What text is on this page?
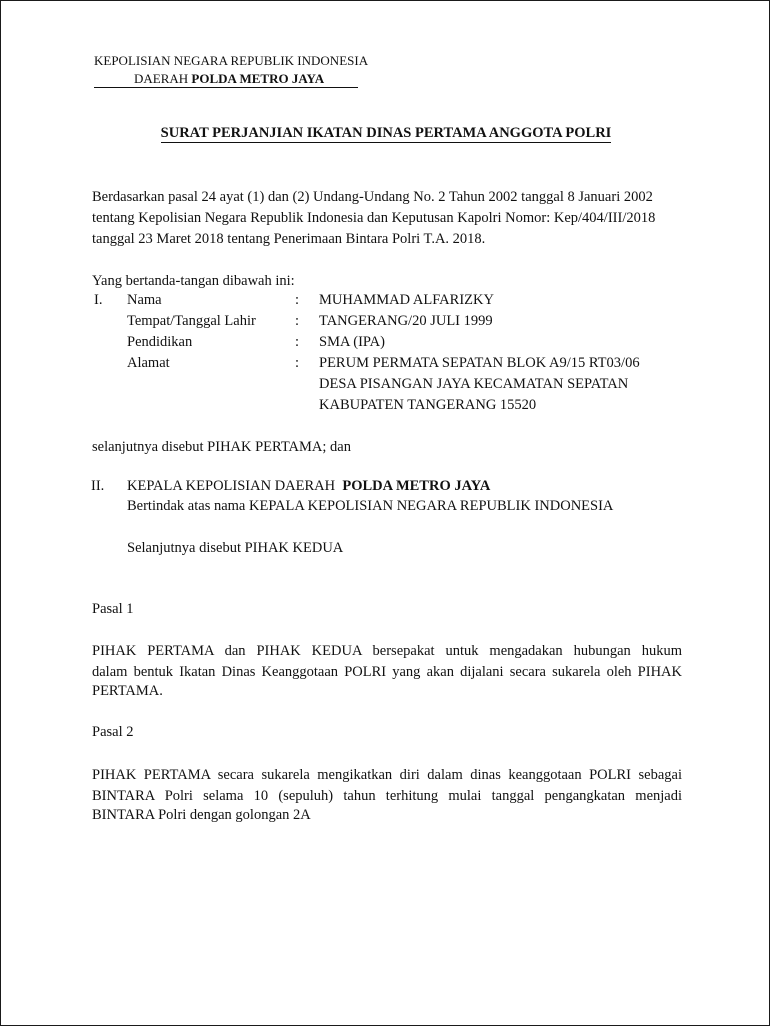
KEPOLISIAN NEGARA REPUBLIK INDONESIA
DAERAH POLDA METRO JAYA
SURAT PERJANJIAN IKATAN DINAS PERTAMA ANGGOTA POLRI
Berdasarkan pasal 24 ayat (1) dan (2) Undang-Undang No. 2 Tahun 2002 tanggal 8 Januari 2002
tentang Kepolisian Negara Republik Indonesia dan Keputusan Kapolri Nomor: Kep/404/III/2018
tanggal 23 Maret 2018 tentang Penerimaan Bintara Polri T.A. 2018.
Yang bertanda-tangan dibawah ini:
I. Nama	: MUHAMMAD ALFARIZKY
Tempat/Tanggal Lahir	: TANGERANG/20 JULI 1999
Pendidikan	: SMA (IPA)
Alamat	: PERUM PERMATA SEPATAN BLOK A9/15 RT03/06
DESA PISANGAN JAYA KECAMATAN SEPATAN
KABUPATEN TANGERANG 15520
selanjutnya disebut PIHAK PERTAMA; dan
II. KEPALA KEPOLISIAN DAERAH POLDA METRO JAYA
Bertindak atas nama KEPALA KEPOLISIAN NEGARA REPUBLIK INDONESIA
Selanjutnya disebut PIHAK KEDUA
Pasal 1
PIHAK PERTAMA dan PIHAK KEDUA bersepakat untuk mengadakan hubungan hukum
dalam bentuk Ikatan Dinas Keanggotaan POLRI yang akan dijalani secara sukarela oleh PIHAK
PERTAMA.
Pasal 2
PIHAK PERTAMA secara sukarela mengikatkan diri dalam dinas keanggotaan POLRI sebagai
BINTARA Polri selama 10 (sepuluh) tahun terhitung mulai tanggal pengangkatan menjadi
BINTARA Polri dengan golongan 2A
